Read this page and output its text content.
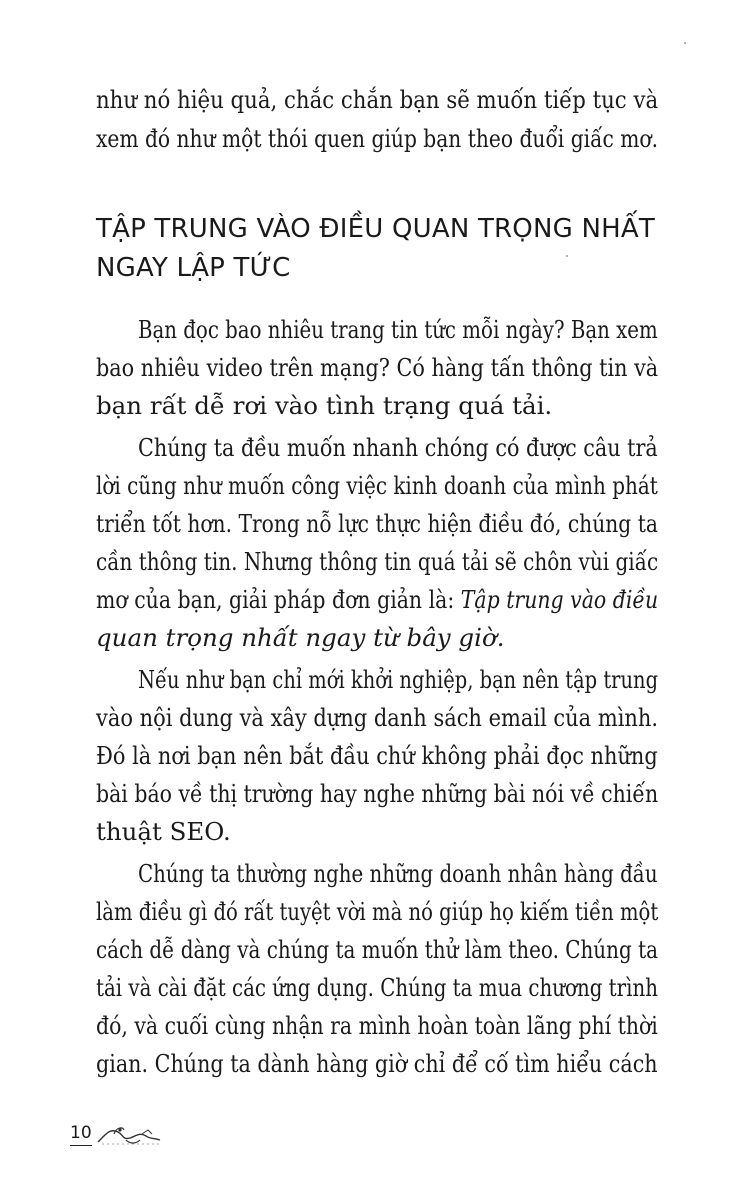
như nó hiệu quả, chắc chắn bạn sẽ muốn tiếp tục và
xem đó như một thói quen giúp bạn theo đuổi giấc mơ.
TẬP TRUNG VÀO ĐIỀU QUAN TRỌNG NHẤT
NGAY LẬP TỨC
Bạn đọc bao nhiêu trang tin tức mỗi ngày? Bạn xem
bao nhiêu video trên mạng? Có hàng tấn thông tin và
bạn rất dễ rơi vào tình trạng quá tải.
Chúng ta đều muốn nhanh chóng có được câu trả
lời cũng như muốn công việc kinh doanh của mình phát
triển tốt hơn. Trong nỗ lực thực hiện điều đó, chúng ta
cần thông tin. Nhưng thông tin quá tải sẽ chôn vùi giấc
mơ của bạn, giải pháp đơn giản là: Tập trung vào điều
quan trọng nhất ngay từ bây giờ.
Nếu như bạn chỉ mới khởi nghiệp, bạn nên tập trung
vào nội dung và xây dựng danh sách email của mình.
Đó là nơi bạn nên bắt đầu chứ không phải đọc những
bài báo về thị trường hay nghe những bài nói về chiến
thuật SEO.
Chúng ta thường nghe những doanh nhân hàng đầu
làm điều gì đó rất tuyệt vời mà nó giúp họ kiếm tiền một
cách dễ dàng và chúng ta muốn thử làm theo. Chúng ta
tải và cài đặt các ứng dụng. Chúng ta mua chương trình
đó, và cuối cùng nhận ra mình hoàn toàn lãng phí thời
gian. Chúng ta dành hàng giờ chỉ để cố tìm hiểu cách
10
